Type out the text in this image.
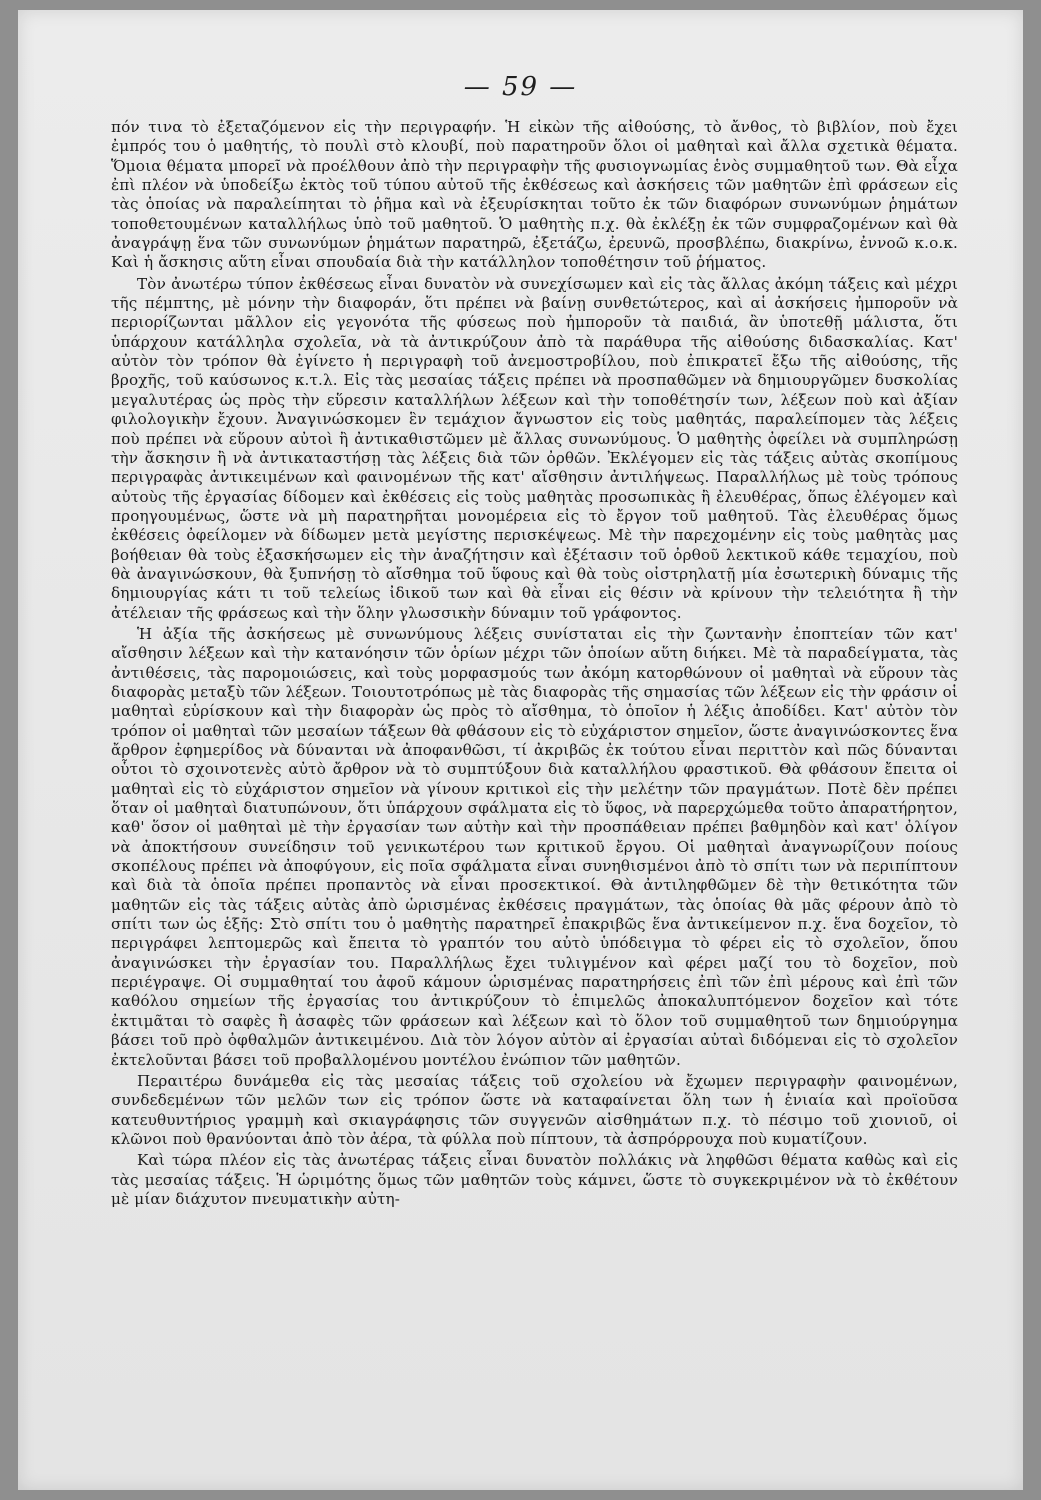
— 59 —

πόν τινα τὸ ἐξεταζόμενον εἰς τὴν περιγραφήν. Ἡ εἰκὼν τῆς αἰθούσης, τὸ ἄνθος, τὸ βιβλίον, ποὺ ἔχει ἐμπρός του ὁ μαθητής, τὸ πουλὶ στὸ κλουβί, ποὺ παρατηροῦν ὅλοι οἱ μαθηταὶ καὶ ἄλλα σχετικὰ θέματα. Ὅμοια θέματα μπορεῖ νὰ προέλθουν ἀπὸ τὴν περιγραφὴν τῆς φυσιογνωμίας ἑνὸς συμμαθητοῦ των. Θὰ εἶχα ἐπὶ πλέον νὰ ὑποδείξω ἐκτὸς τοῦ τύπου αὐτοῦ τῆς ἐκθέσεως καὶ ἀσκήσεις τῶν μαθητῶν ἐπὶ φράσεων εἰς τὰς ὁποίας νὰ παραλείπηται τὸ ῥῆμα καὶ νὰ ἐξευρίσκηται τοῦτο ἐκ τῶν διαφόρων συνωνύμων ῥημάτων τοποθετουμένων καταλλήλως ὑπὸ τοῦ μαθητοῦ. Ὁ μαθητὴς π.χ. θὰ ἐκλέξῃ ἐκ τῶν συμφραζομένων καὶ θὰ ἀναγράψῃ ἕνα τῶν συνωνύμων ῥημάτων παρατηρῶ, ἐξετάζω, ἐρευνῶ, προσβλέπω, διακρίνω, ἐννοῶ κ.ο.κ. Καὶ ἡ ἄσκησις αὕτη εἶναι σπουδαία διὰ τὴν κατάλληλον τοποθέτησιν τοῦ ῥήματος.

Τὸν ἀνωτέρω τύπον ἐκθέσεως εἶναι δυνατὸν νὰ συνεχίσωμεν καὶ εἰς τὰς ἄλλας ἀκόμη τάξεις καὶ μέχρι τῆς πέμπτης, μὲ μόνην τὴν διαφοράν, ὅτι πρέπει νὰ βαίνῃ συνθετώτερος, καὶ αἱ ἀσκήσεις ἠμποροῦν νὰ περιορίζωνται μᾶλλον εἰς γεγονότα τῆς φύσεως ποὺ ἠμποροῦν τὰ παιδιά, ἂν ὑποτεθῇ μάλιστα, ὅτι ὑπάρχουν κατάλληλα σχολεῖα, νὰ τὰ ἀντικρύζουν ἀπὸ τὰ παράθυρα τῆς αἰθούσης διδασκαλίας. Κατ' αὐτὸν τὸν τρόπον θὰ ἐγίνετο ἡ περιγραφὴ τοῦ ἀνεμοστροβίλου, ποὺ ἐπικρατεῖ ἔξω τῆς αἰθούσης, τῆς βροχῆς, τοῦ καύσωνος κ.τ.λ. Εἰς τὰς μεσαίας τάξεις πρέπει νὰ προσπαθῶμεν νὰ δημιουργῶμεν δυσκολίας μεγαλυτέρας ὡς πρὸς τὴν εὕρεσιν καταλλήλων λέξεων καὶ τὴν τοποθέτησίν των, λέξεων ποὺ καὶ ἀξίαν φιλολογικὴν ἔχουν. Ἀναγινώσκομεν ἓν τεμάχιον ἄγνωστον εἰς τοὺς μαθητάς, παραλείπομεν τὰς λέξεις ποὺ πρέπει νὰ εὕρουν αὐτοὶ ἢ ἀντικαθιστῶμεν μὲ ἄλλας συνωνύμους. Ὁ μαθητὴς ὀφείλει νὰ συμπληρώσῃ τὴν ἄσκησιν ἢ νὰ ἀντικαταστήσῃ τὰς λέξεις διὰ τῶν ὀρθῶν. Ἐκλέγομεν εἰς τὰς τάξεις αὐτὰς σκοπίμους περιγραφὰς ἀντικειμένων καὶ φαινομένων τῆς κατ' αἴσθησιν ἀντιλήψεως. Παραλλήλως μὲ τοὺς τρόπους αὐτοὺς τῆς ἐργασίας δίδομεν καὶ ἐκθέσεις εἰς τοὺς μαθητὰς προσωπικὰς ἢ ἐλευθέρας, ὅπως ἐλέγομεν καὶ προηγουμένως, ὥστε νὰ μὴ παρατηρῆται μονομέρεια εἰς τὸ ἔργον τοῦ μαθητοῦ. Τὰς ἐλευθέρας ὅμως ἐκθέσεις ὀφείλομεν νὰ δίδωμεν μετὰ μεγίστης περισκέψεως. Μὲ τὴν παρεχομένην εἰς τοὺς μαθητὰς μας βοήθειαν θὰ τοὺς ἐξασκήσωμεν εἰς τὴν ἀναζήτησιν καὶ ἐξέτασιν τοῦ ὀρθοῦ λεκτικοῦ κάθε τεμαχίου, ποὺ θὰ ἀναγινώσκουν, θὰ ξυπνήσῃ τὸ αἴσθημα τοῦ ὕφους καὶ θὰ τοὺς οἰστρηλατῇ μία ἐσωτερικὴ δύναμις τῆς δημιουργίας κάτι τι τοῦ τελείως ἰδικοῦ των καὶ θὰ εἶναι εἰς θέσιν νὰ κρίνουν τὴν τελειότητα ἢ τὴν ἀτέλειαν τῆς φράσεως καὶ τὴν ὅλην γλωσσικὴν δύναμιν τοῦ γράφοντος.

Ἡ ἀξία τῆς ἀσκήσεως μὲ συνωνύμους λέξεις συνίσταται εἰς τὴν ζωντανὴν ἐποπτείαν τῶν κατ' αἴσθησιν λέξεων καὶ τὴν κατανόησιν τῶν ὁρίων μέχρι τῶν ὁποίων αὕτη διήκει. Μὲ τὰ παραδείγματα, τὰς ἀντιθέσεις, τὰς παρομοιώσεις, καὶ τοὺς μορφασμούς των ἀκόμη κατορθώνουν οἱ μαθηταὶ νὰ εὕρουν τὰς διαφορὰς μεταξὺ τῶν λέξεων. Τοιουτοτρόπως μὲ τὰς διαφορὰς τῆς σημασίας τῶν λέξεων εἰς τὴν φράσιν οἱ μαθηταὶ εὑρίσκουν καὶ τὴν διαφορὰν ὡς πρὸς τὸ αἴσθημα, τὸ ὁποῖον ἡ λέξις ἀποδίδει. Κατ' αὐτὸν τὸν τρόπον οἱ μαθηταὶ τῶν μεσαίων τάξεων θὰ φθάσουν εἰς τὸ εὐχάριστον σημεῖον, ὥστε ἀναγινώσκοντες ἕνα ἄρθρον ἐφημερίδος νὰ δύνανται νὰ ἀποφανθῶσι, τί ἀκριβῶς ἐκ τούτου εἶναι περιττὸν καὶ πῶς δύνανται οὗτοι τὸ σχοινοτενὲς αὐτὸ ἄρθρον νὰ τὸ συμπτύξουν διὰ καταλλήλου φραστικοῦ. Θὰ φθάσουν ἔπειτα οἱ μαθηταὶ εἰς τὸ εὐχάριστον σημεῖον νὰ γίνουν κριτικοὶ εἰς τὴν μελέτην τῶν πραγμάτων. Ποτὲ δὲν πρέπει ὅταν οἱ μαθηταὶ διατυπώνουν, ὅτι ὑπάρχουν σφάλματα εἰς τὸ ὕφος, νὰ παρερχώμεθα τοῦτο ἀπαρατήρητον, καθ' ὅσον οἱ μαθηταὶ μὲ τὴν ἐργασίαν των αὐτὴν καὶ τὴν προσπάθειαν πρέπει βαθμηδὸν καὶ κατ' ὀλίγον νὰ ἀποκτήσουν συνείδησιν τοῦ γενικωτέρου των κριτικοῦ ἔργου. Οἱ μαθηταὶ ἀναγνωρίζουν ποίους σκοπέλους πρέπει νὰ ἀποφύγουν, εἰς ποῖα σφάλματα εἶναι συνηθισμένοι ἀπὸ τὸ σπίτι των νὰ περιπίπτουν καὶ διὰ τὰ ὁποῖα πρέπει προπαντὸς νὰ εἶναι προσεκτικοί. Θὰ ἀντιληφθῶμεν δὲ τὴν θετικότητα τῶν μαθητῶν εἰς τὰς τάξεις αὐτὰς ἀπὸ ὡρισμένας ἐκθέσεις πραγμάτων, τὰς ὁποίας θὰ μᾶς φέρουν ἀπὸ τὸ σπίτι των ὡς ἑξῆς: Στὸ σπίτι του ὁ μαθητὴς παρατηρεῖ ἐπακριβῶς ἕνα ἀντικείμενον π.χ. ἕνα δοχεῖον, τὸ περιγράφει λεπτομερῶς καὶ ἔπειτα τὸ γραπτόν του αὐτὸ ὑπόδειγμα τὸ φέρει εἰς τὸ σχολεῖον, ὅπου ἀναγινώσκει τὴν ἐργασίαν του. Παραλλήλως ἔχει τυλιγμένον καὶ φέρει μαζί του τὸ δοχεῖον, ποὺ περιέγραψε. Οἱ συμμαθηταί του ἀφοῦ κάμουν ὡρισμένας παρατηρήσεις ἐπὶ τῶν ἐπὶ μέρους καὶ ἐπὶ τῶν καθόλου σημείων τῆς ἐργασίας του ἀντικρύζουν τὸ ἐπιμελῶς ἀποκαλυπτόμενον δοχεῖον καὶ τότε ἐκτιμᾶται τὸ σαφὲς ἢ ἀσαφὲς τῶν φράσεων καὶ λέξεων καὶ τὸ ὅλον τοῦ συμμαθητοῦ των δημιούργημα βάσει τοῦ πρὸ ὀφθαλμῶν ἀντικειμένου. Διὰ τὸν λόγον αὐτὸν αἱ ἐργασίαι αὐταὶ διδόμεναι εἰς τὸ σχολεῖον ἐκτελοῦνται βάσει τοῦ προβαλλομένου μοντέλου ἐνώπιον τῶν μαθητῶν.

Περαιτέρω δυνάμεθα εἰς τὰς μεσαίας τάξεις τοῦ σχολείου νὰ ἔχωμεν περιγραφὴν φαινομένων, συνδεδεμένων τῶν μελῶν των εἰς τρόπον ὥστε νὰ καταφαίνεται ὅλη των ἡ ἑνιαία καὶ προϊοῦσα κατευθυντήριος γραμμὴ καὶ σκιαγράφησις τῶν συγγενῶν αἰσθημάτων π.χ. τὸ πέσιμο τοῦ χιονιοῦ, οἱ κλῶνοι ποὺ θρανύονται ἀπὸ τὸν ἀέρα, τὰ φύλλα ποὺ πίπτουν, τὰ ἀσπρόρρουχα ποὺ κυματίζουν.

Καὶ τώρα πλέον εἰς τὰς ἀνωτέρας τάξεις εἶναι δυνατὸν πολλάκις νὰ ληφθῶσι θέματα καθὼς καὶ εἰς τὰς μεσαίας τάξεις. Ἡ ὡριμότης ὅμως τῶν μαθητῶν τοὺς κάμνει, ὥστε τὸ συγκεκριμένον νὰ τὸ ἐκθέτουν μὲ μίαν διάχυτον πνευματικὴν αὐτη-
